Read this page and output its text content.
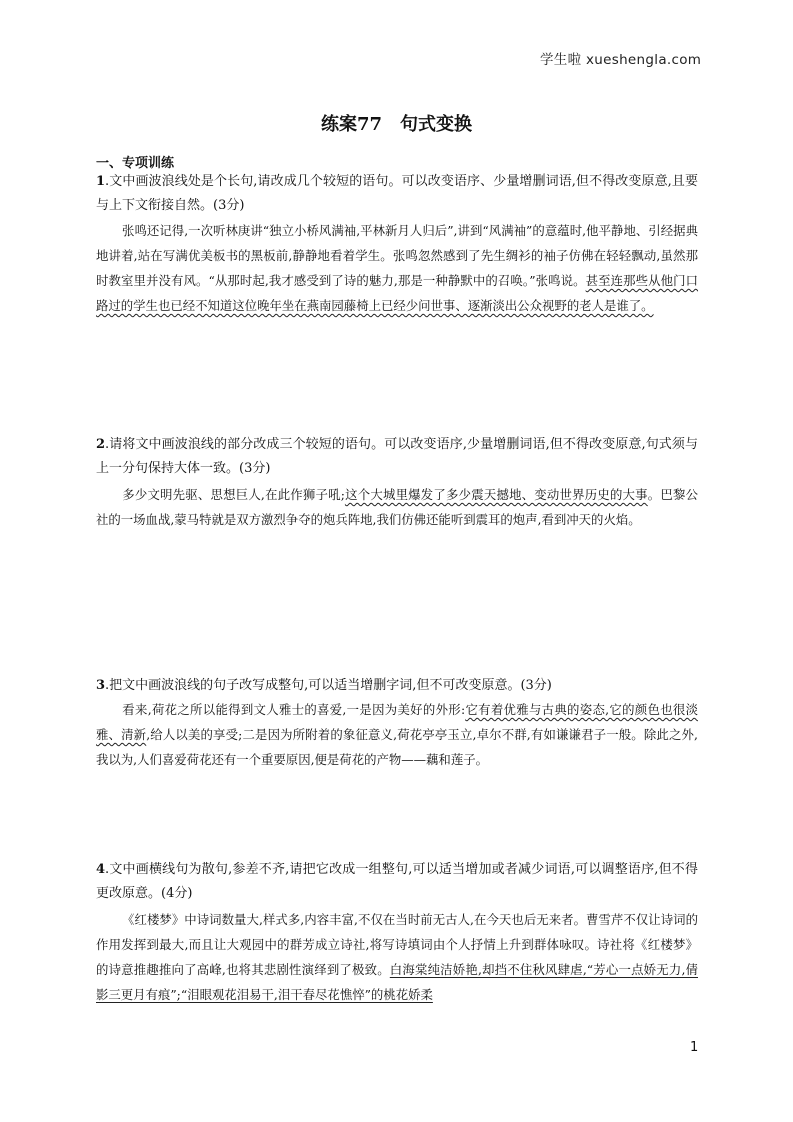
学生啦 xueshengla.com
练案77　句式变换
一、专项训练
1.文中画波浪线处是个长句,请改成几个较短的语句。可以改变语序、少量增删词语,但不得改变原意,且要与上下文衔接自然。(3分)
张鸣还记得,一次听林庚讲“独立小桥风满袖,平林新月人归后”,讲到“风满袖”的意蕴时,他平静地、引经据典地讲着,站在写满优美板书的黑板前,静静地看着学生。张鸣忽然感到了先生绸衫的袖子仿佛在轻轻飘动,虽然那时教室里并没有风。“从那时起,我才感受到了诗的魅力,那是一种静默中的召唤。”张鸣说。甚至连那些从他门口路过的学生也已经不知道这位晚年坐在燕南园藤椅上已经少问世事、逐渐淡出公众视野的老人是谁了。
2.请将文中画波浪线的部分改成三个较短的语句。可以改变语序,少量增删词语,但不得改变原意,句式须与上一分句保持大体一致。(3分)
多少文明先驱、思想巨人,在此作狮子吼;这个大城里爆发了多少震天撼地、变动世界历史的大事。巴黎公社的一场血战,蒙马特就是双方激烈争夺的炮兵阵地,我们仿佛还能听到震耳的炮声,看到冲天的火焰。
3.把文中画波浪线的句子改写成整句,可以适当增删字词,但不可改变原意。(3分)
看来,荷花之所以能得到文人雅士的喜爱,一是因为美好的外形:它有着优雅与古典的姿态,它的颜色也很淡雅、清新,给人以美的享受;二是因为所附着的象征意义,荷花亭亭玉立,卓尔不群,有如谦谦君子一般。除此之外,我以为,人们喜爱荷花还有一个重要原因,便是荷花的产物——藕和莲子。
4.文中画横线句为散句,参差不齐,请把它改成一组整句,可以适当增加或者减少词语,可以调整语序,但不得更改原意。(4分)
《红楼梦》中诗词数量大,样式多,内容丰富,不仅在当时前无古人,在今天也后无来者。曹雪芹不仅让诗词的作用发挥到最大,而且让大观园中的群芳成立诗社,将写诗填词由个人抒情上升到群体咏叹。诗社将《红楼梦》的诗意推趣推向了高峰,也将其悲剧性演绎到了极致。白海棠纯洁娇艳,却挡不住秋风肆虐,“芳心一点娇无力,倩影三更月有痕”;“泪眼观花泪易干,泪干春尽花憔悴”的桃花娇柔
1
